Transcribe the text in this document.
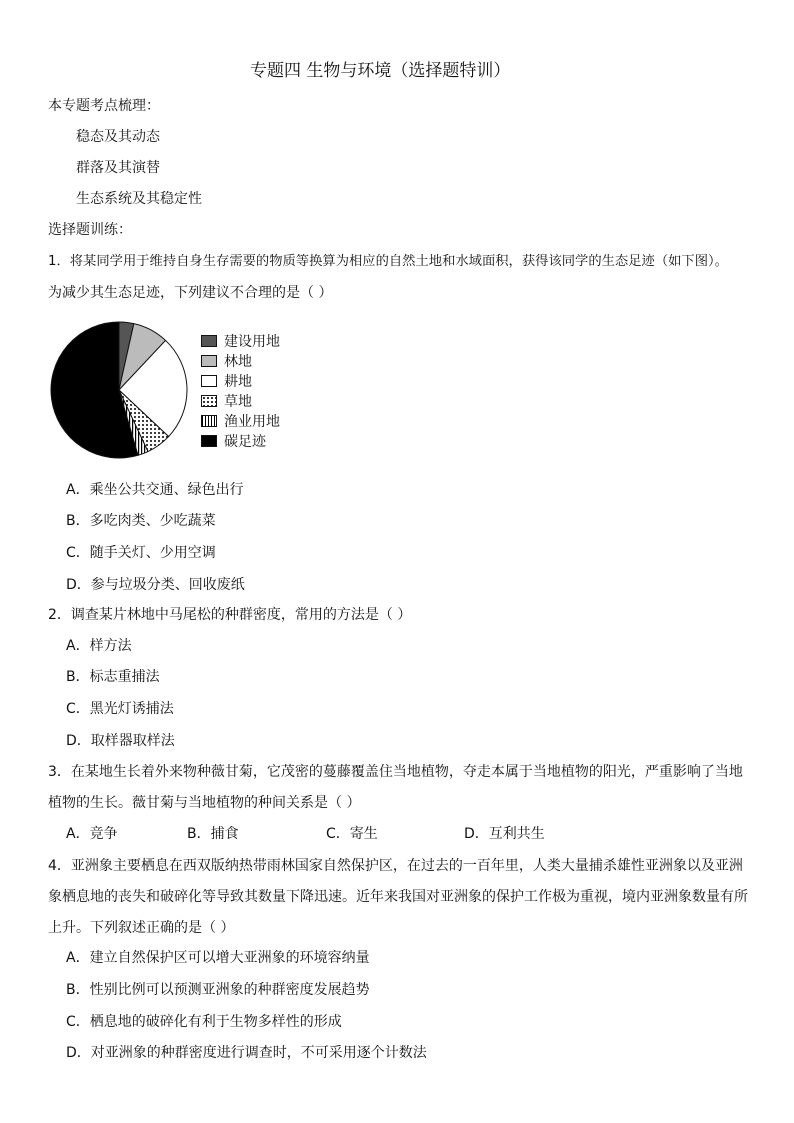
专题四 生物与环境（选择题特训）
本专题考点梳理：
稳态及其动态
群落及其演替
生态系统及其稳定性
选择题训练：
1．将某同学用于维持自身生存需要的物质等换算为相应的自然土地和水域面积，获得该同学的生态足迹（如下图）。
为减少其生态足迹，下列建议不合理的是（ ）
建设用地
林地
耕地
草地
渔业用地
碳足迹
A．乘坐公共交通、绿色出行
B．多吃肉类、少吃蔬菜
C．随手关灯、少用空调
D．参与垃圾分类、回收废纸
2．调查某片林地中马尾松的种群密度，常用的方法是（ ）
A．样方法
B．标志重捕法
C．黑光灯诱捕法
D．取样器取样法
3．在某地生长着外来物种薇甘菊，它茂密的蔓藤覆盖住当地植物，夺走本属于当地植物的阳光，严重影响了当地
植物的生长。薇甘菊与当地植物的种间关系是（ ）
A．竞争	B．捕食	C．寄生	D．互利共生
4．亚洲象主要栖息在西双版纳热带雨林国家自然保护区，在过去的一百年里，人类大量捕杀雄性亚洲象以及亚洲
象栖息地的丧失和破碎化等导致其数量下降迅速。近年来我国对亚洲象的保护工作极为重视，境内亚洲象数量有所
上升。下列叙述正确的是（ ）
A．建立自然保护区可以增大亚洲象的环境容纳量
B．性别比例可以预测亚洲象的种群密度发展趋势
C．栖息地的破碎化有利于生物多样性的形成
D．对亚洲象的种群密度进行调查时，不可采用逐个计数法
